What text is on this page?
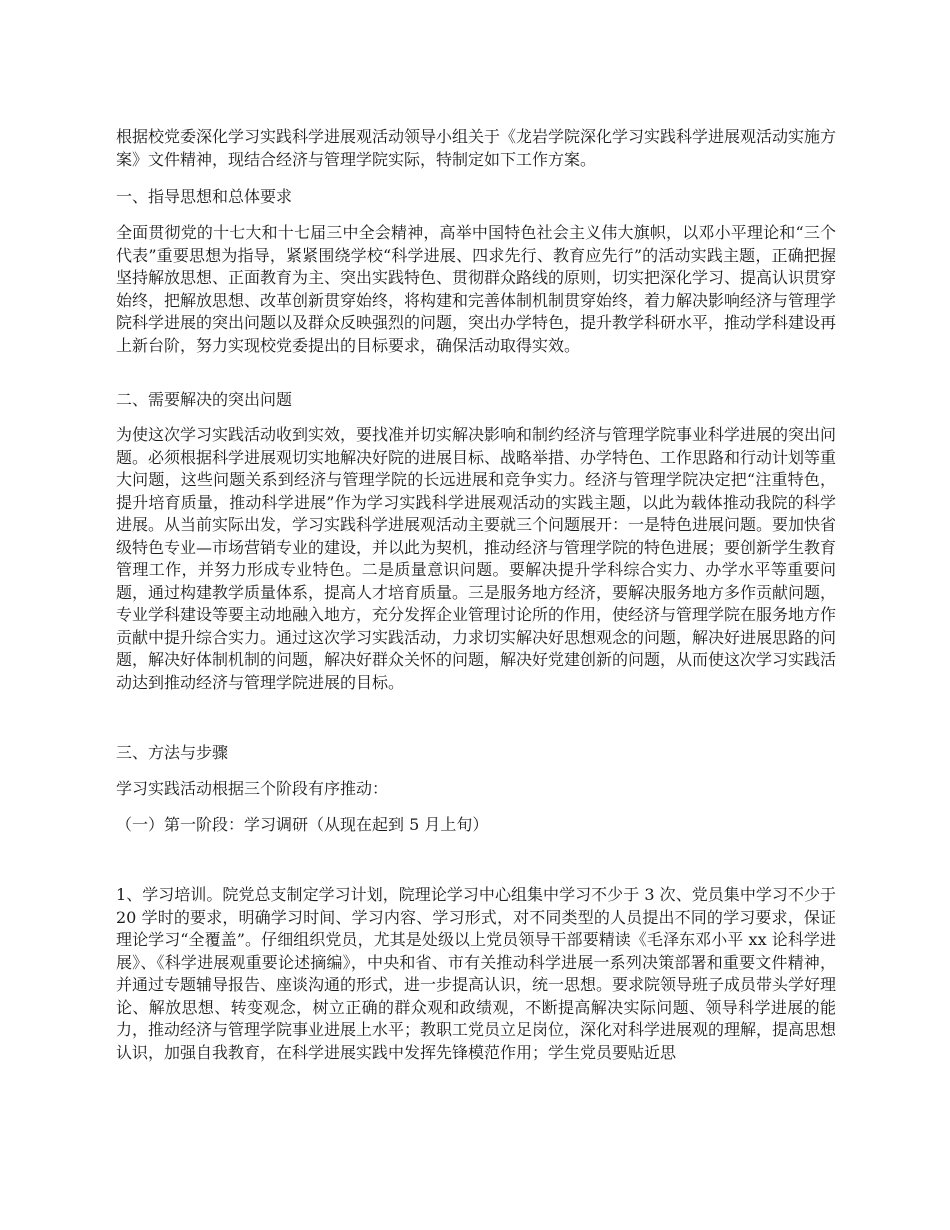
根据校党委深化学习实践科学进展观活动领导小组关于《龙岩学院深化学习实践科学进展观活动实施方案》文件精神，现结合经济与管理学院实际，特制定如下工作方案。

一、指导思想和总体要求

全面贯彻党的十七大和十七届三中全会精神，高举中国特色社会主义伟大旗帜，以邓小平理论和“三个代表”重要思想为指导，紧紧围绕学校“科学进展、四求先行、教育应先行”的活动实践主题，正确把握坚持解放思想、正面教育为主、突出实践特色、贯彻群众路线的原则，切实把深化学习、提高认识贯穿始终，把解放思想、改革创新贯穿始终，将构建和完善体制机制贯穿始终，着力解决影响经济与管理学院科学进展的突出问题以及群众反映强烈的问题，突出办学特色，提升教学科研水平，推动学科建设再上新台阶，努力实现校党委提出的目标要求，确保活动取得实效。

二、需要解决的突出问题

为使这次学习实践活动收到实效，要找准并切实解决影响和制约经济与管理学院事业科学进展的突出问题。必须根据科学进展观切实地解决好院的进展目标、战略举措、办学特色、工作思路和行动计划等重大问题，这些问题关系到经济与管理学院的长远进展和竞争实力。经济与管理学院决定把“注重特色，提升培育质量，推动科学进展”作为学习实践科学进展观活动的实践主题，以此为载体推动我院的科学进展。从当前实际出发，学习实践科学进展观活动主要就三个问题展开：一是特色进展问题。要加快省级特色专业—市场营销专业的建设，并以此为契机，推动经济与管理学院的特色进展；要创新学生教育管理工作，并努力形成专业特色。二是质量意识问题。要解决提升学科综合实力、办学水平等重要问题，通过构建教学质量体系，提高人才培育质量。三是服务地方经济，要解决服务地方多作贡献问题，专业学科建设等要主动地融入地方，充分发挥企业管理讨论所的作用，使经济与管理学院在服务地方作贡献中提升综合实力。通过这次学习实践活动，力求切实解决好思想观念的问题，解决好进展思路的问题，解决好体制机制的问题，解决好群众关怀的问题，解决好党建创新的问题，从而使这次学习实践活动达到推动经济与管理学院进展的目标。

三、方法与步骤

学习实践活动根据三个阶段有序推动：

（一）第一阶段：学习调研（从现在起到 5 月上旬）

1、学习培训。院党总支制定学习计划，院理论学习中心组集中学习不少于 3 次、党员集中学习不少于 20 学时的要求，明确学习时间、学习内容、学习形式，对不同类型的人员提出不同的学习要求，保证理论学习“全覆盖”。仔细组织党员，尤其是处级以上党员领导干部要精读《毛泽东邓小平 xx 论科学进展》、《科学进展观重要论述摘编》，中央和省、市有关推动科学进展一系列决策部署和重要文件精神，并通过专题辅导报告、座谈沟通的形式，进一步提高认识，统一思想。要求院领导班子成员带头学好理论、解放思想、转变观念，树立正确的群众观和政绩观，不断提高解决实际问题、领导科学进展的能力，推动经济与管理学院事业进展上水平；教职工党员立足岗位，深化对科学进展观的理解，提高思想认识，加强自我教育，在科学进展实践中发挥先锋模范作用；学生党员要贴近思
